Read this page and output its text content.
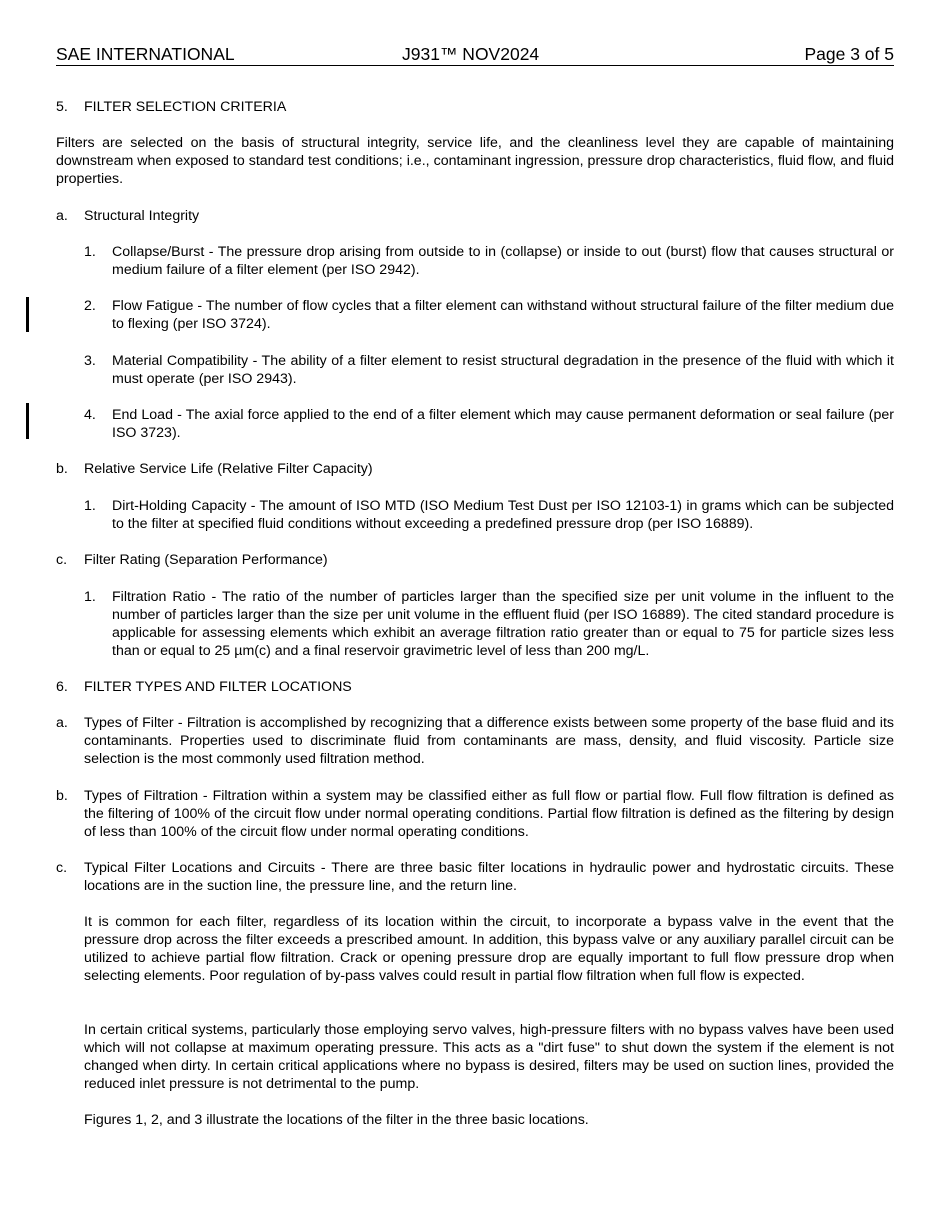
SAE INTERNATIONAL	J931™ NOV2024	Page 3 of 5
5. FILTER SELECTION CRITERIA
Filters are selected on the basis of structural integrity, service life, and the cleanliness level they are capable of maintaining downstream when exposed to standard test conditions; i.e., contaminant ingression, pressure drop characteristics, fluid flow, and fluid properties.
a. Structural Integrity
1. Collapse/Burst - The pressure drop arising from outside to in (collapse) or inside to out (burst) flow that causes structural or medium failure of a filter element (per ISO 2942).
2. Flow Fatigue - The number of flow cycles that a filter element can withstand without structural failure of the filter medium due to flexing (per ISO 3724).
3. Material Compatibility - The ability of a filter element to resist structural degradation in the presence of the fluid with which it must operate (per ISO 2943).
4. End Load - The axial force applied to the end of a filter element which may cause permanent deformation or seal failure (per ISO 3723).
b. Relative Service Life (Relative Filter Capacity)
1. Dirt-Holding Capacity - The amount of ISO MTD (ISO Medium Test Dust per ISO 12103-1) in grams which can be subjected to the filter at specified fluid conditions without exceeding a predefined pressure drop (per ISO 16889).
c. Filter Rating (Separation Performance)
1. Filtration Ratio - The ratio of the number of particles larger than the specified size per unit volume in the influent to the number of particles larger than the size per unit volume in the effluent fluid (per ISO 16889). The cited standard procedure is applicable for assessing elements which exhibit an average filtration ratio greater than or equal to 75 for particle sizes less than or equal to 25 µm(c) and a final reservoir gravimetric level of less than 200 mg/L.
6. FILTER TYPES AND FILTER LOCATIONS
a. Types of Filter - Filtration is accomplished by recognizing that a difference exists between some property of the base fluid and its contaminants. Properties used to discriminate fluid from contaminants are mass, density, and fluid viscosity. Particle size selection is the most commonly used filtration method.
b. Types of Filtration - Filtration within a system may be classified either as full flow or partial flow. Full flow filtration is defined as the filtering of 100% of the circuit flow under normal operating conditions. Partial flow filtration is defined as the filtering by design of less than 100% of the circuit flow under normal operating conditions.
c. Typical Filter Locations and Circuits - There are three basic filter locations in hydraulic power and hydrostatic circuits. These locations are in the suction line, the pressure line, and the return line.
It is common for each filter, regardless of its location within the circuit, to incorporate a bypass valve in the event that the pressure drop across the filter exceeds a prescribed amount. In addition, this bypass valve or any auxiliary parallel circuit can be utilized to achieve partial flow filtration. Crack or opening pressure drop are equally important to full flow pressure drop when selecting elements. Poor regulation of by-pass valves could result in partial flow filtration when full flow is expected.
In certain critical systems, particularly those employing servo valves, high-pressure filters with no bypass valves have been used which will not collapse at maximum operating pressure. This acts as a "dirt fuse" to shut down the system if the element is not changed when dirty. In certain critical applications where no bypass is desired, filters may be used on suction lines, provided the reduced inlet pressure is not detrimental to the pump.
Figures 1, 2, and 3 illustrate the locations of the filter in the three basic locations.
